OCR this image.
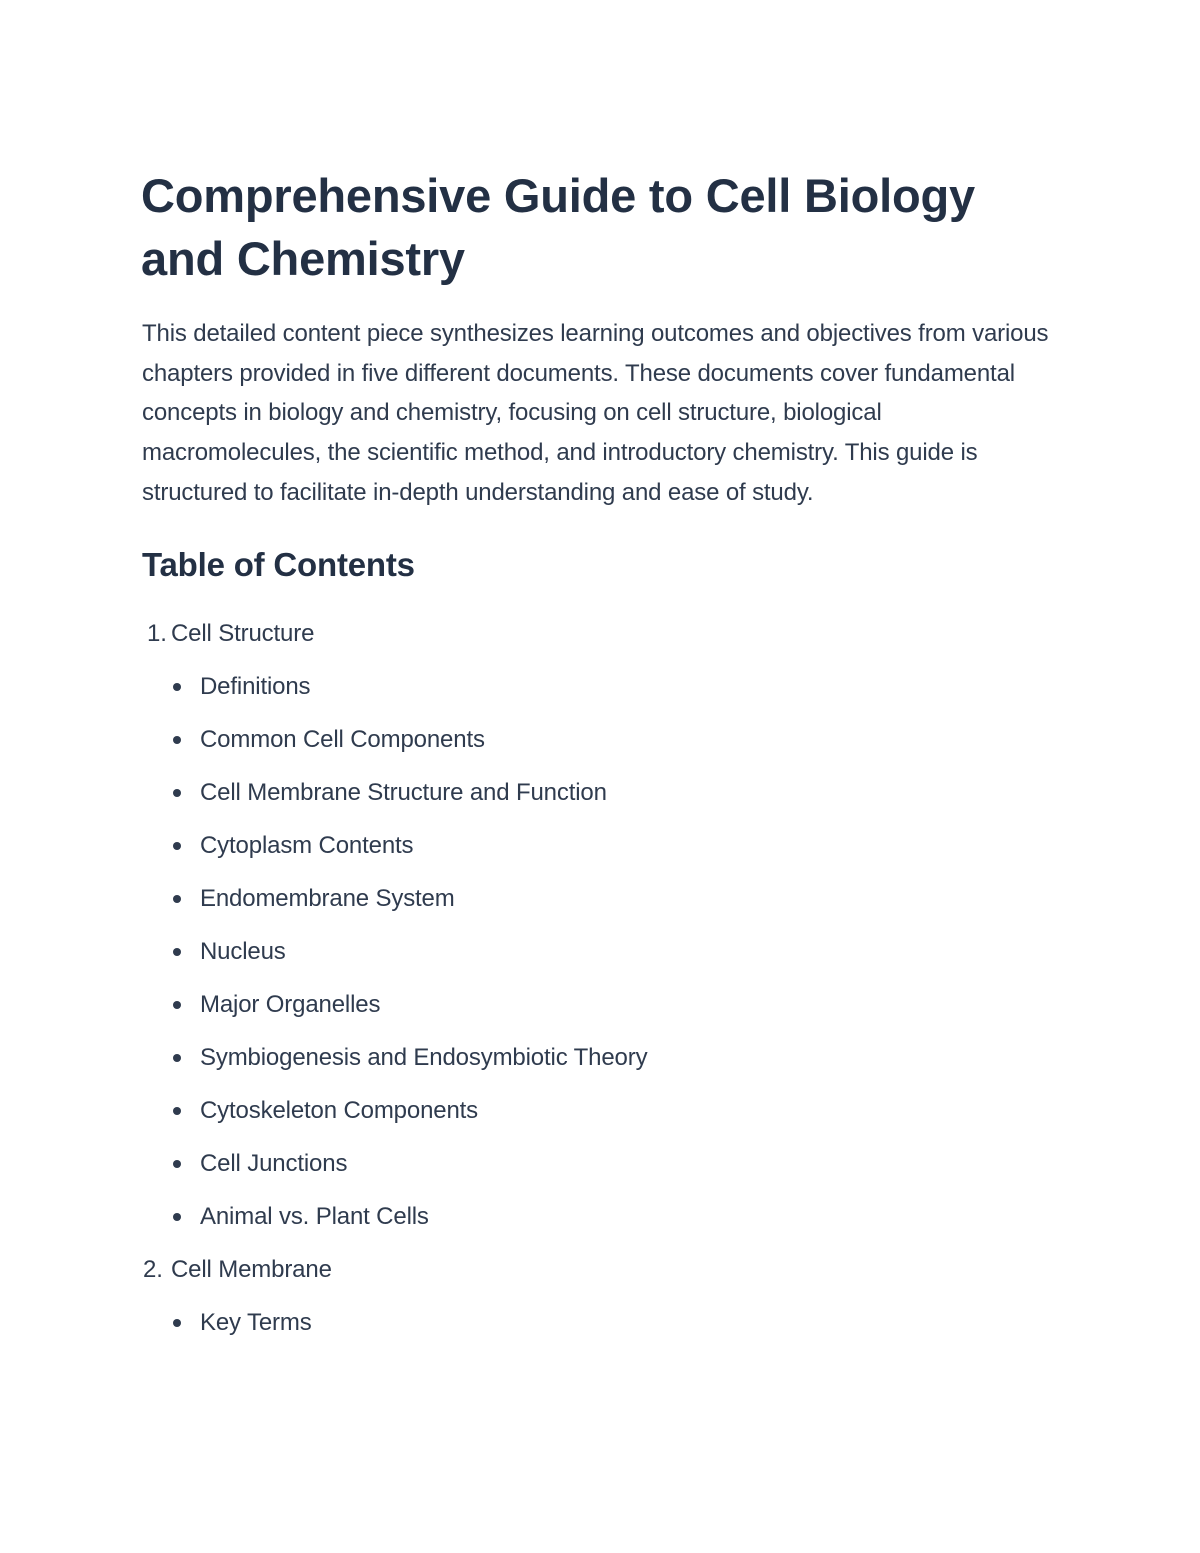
Comprehensive Guide to Cell Biology and Chemistry

This detailed content piece synthesizes learning outcomes and objectives from various chapters provided in five different documents. These documents cover fundamental concepts in biology and chemistry, focusing on cell structure, biological macromolecules, the scientific method, and introductory chemistry. This guide is structured to facilitate in-depth understanding and ease of study.

Table of Contents
1. Cell Structure
Definitions
Common Cell Components
Cell Membrane Structure and Function
Cytoplasm Contents
Endomembrane System
Nucleus
Major Organelles
Symbiogenesis and Endosymbiotic Theory
Cytoskeleton Components
Cell Junctions
Animal vs. Plant Cells
2. Cell Membrane
Key Terms
